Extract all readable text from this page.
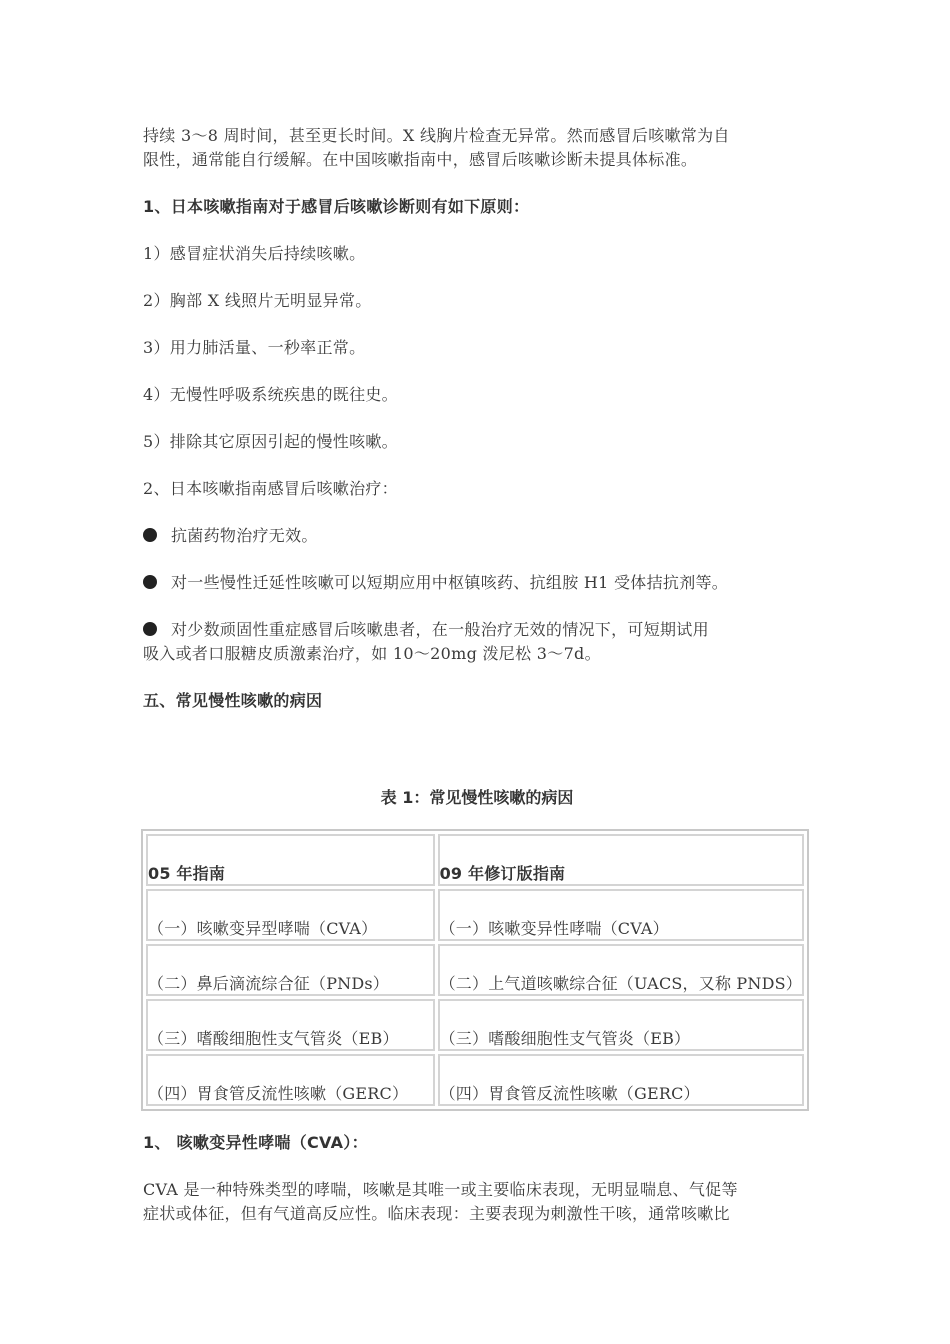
持续 3～8 周时间，甚至更长时间。X 线胸片检查无异常。然而感冒后咳嗽常为自

限性，通常能自行缓解。在中国咳嗽指南中，感冒后咳嗽诊断未提具体标准。

1、日本咳嗽指南对于感冒后咳嗽诊断则有如下原则：

1）感冒症状消失后持续咳嗽。

2）胸部 X 线照片无明显异常。

3）用力肺活量、一秒率正常。

4）无慢性呼吸系统疾患的既往史。

5）排除其它原因引起的慢性咳嗽。

2、日本咳嗽指南感冒后咳嗽治疗：

抗菌药物治疗无效。

对一些慢性迁延性咳嗽可以短期应用中枢镇咳药、抗组胺 H1 受体拮抗剂等。

对少数顽固性重症感冒后咳嗽患者，在一般治疗无效的情况下，可短期试用

吸入或者口服糖皮质激素治疗，如 10～20mg 泼尼松 3～7d。

五、常见慢性咳嗽的病因

表 1：常见慢性咳嗽的病因

05 年指南	09 年修订版指南
（一）咳嗽变异型哮喘（CVA）	（一）咳嗽变异性哮喘（CVA）
（二）鼻后滴流综合征（PNDs）	（二）上气道咳嗽综合征（UACS，又称 PNDS）
（三）嗜酸细胞性支气管炎（EB）	（三）嗜酸细胞性支气管炎（EB）
（四）胃食管反流性咳嗽（GERC）	（四）胃食管反流性咳嗽（GERC）

1、 咳嗽变异性哮喘（CVA）：

CVA 是一种特殊类型的哮喘，咳嗽是其唯一或主要临床表现，无明显喘息、气促等

症状或体征，但有气道高反应性。临床表现：主要表现为刺激性干咳，通常咳嗽比
